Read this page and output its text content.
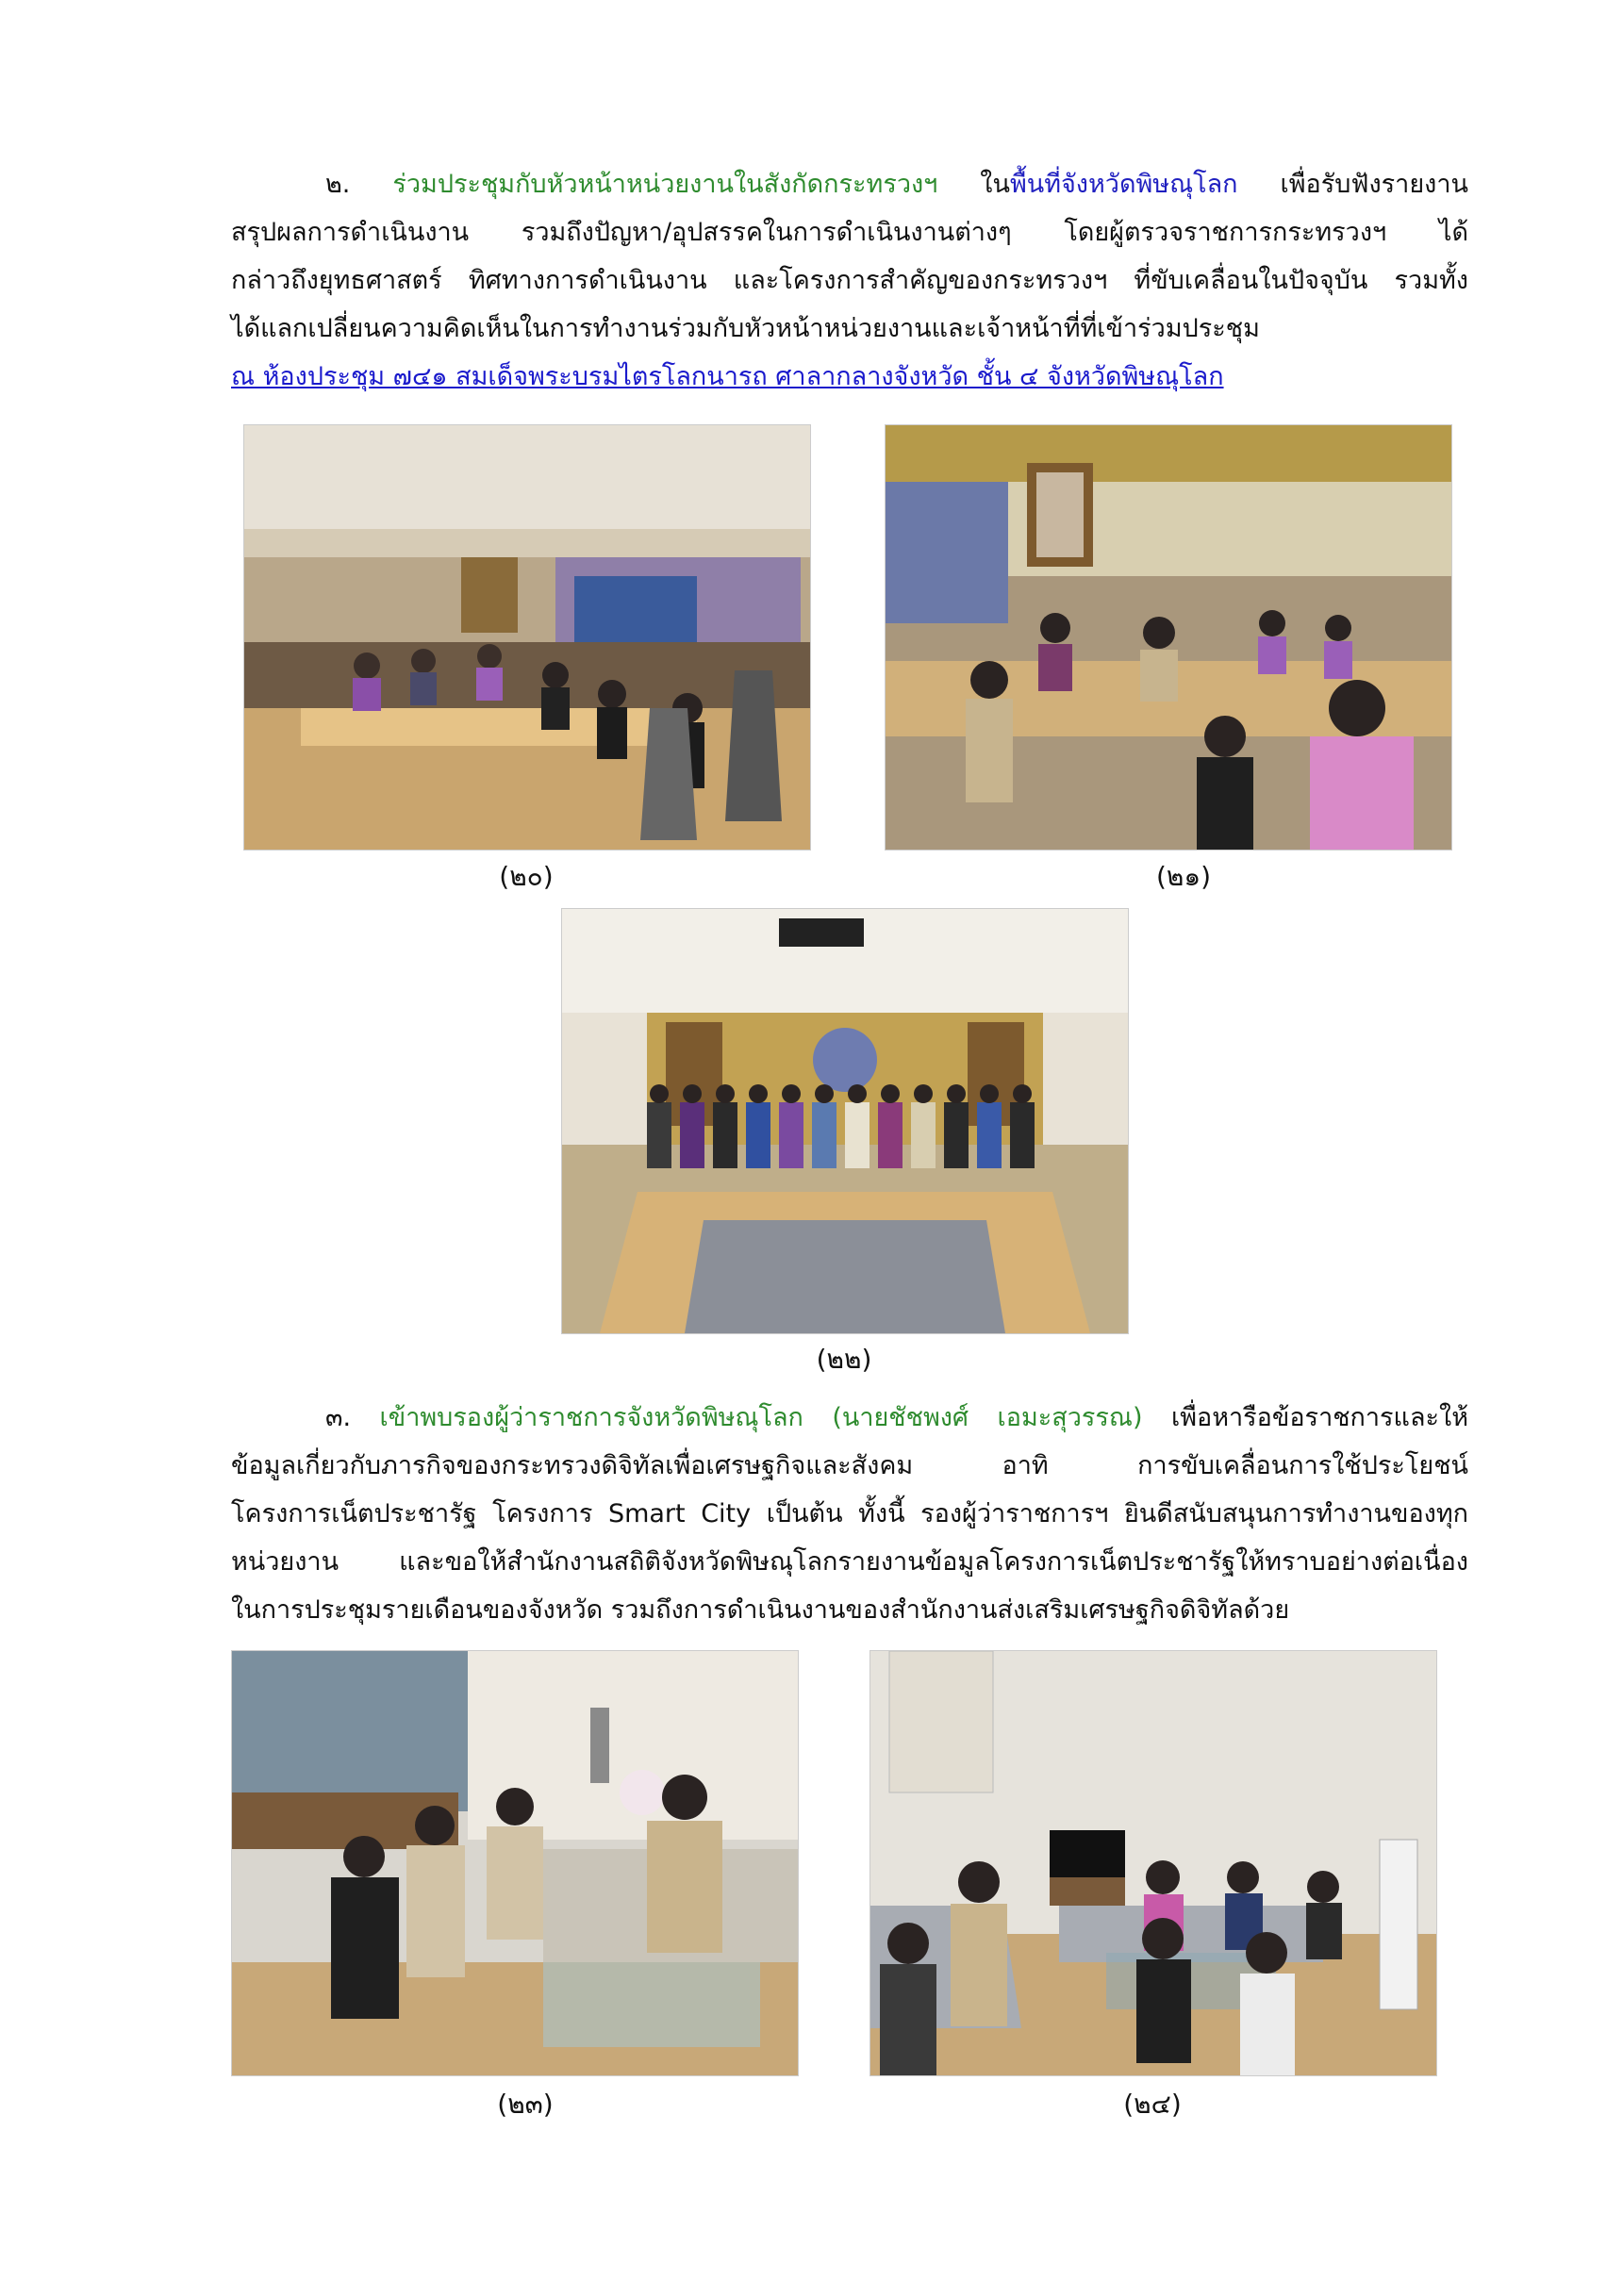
๒. ร่วมประชุมกับหัวหน้าหน่วยงานในสังกัดกระทรวงฯ ในพื้นที่จังหวัดพิษณุโลก เพื่อรับฟังรายงาน
สรุปผลการดำเนินงาน รวมถึงปัญหา/อุปสรรคในการดำเนินงานต่างๆ โดยผู้ตรวจราชการกระทรวงฯ ได้
กล่าวถึงยุทธศาสตร์ ทิศทางการดำเนินงาน และโครงการสำคัญของกระทรวงฯ ที่ขับเคลื่อนในปัจจุบัน รวมทั้ง
ได้แลกเปลี่ยนความคิดเห็นในการทำงานร่วมกับหัวหน้าหน่วยงานและเจ้าหน้าที่ที่เข้าร่วมประชุม
ณ ห้องประชุม ๗๔๑ สมเด็จพระบรมไตรโลกนารถ ศาลากลางจังหวัด ชั้น ๔ จังหวัดพิษณุโลก
(๒๐)	(๒๑)
(๒๒)
๓. เข้าพบรองผู้ว่าราชการจังหวัดพิษณุโลก (นายชัชพงศ์ เอมะสุวรรณ) เพื่อหารือข้อราชการและให้
ข้อมูลเกี่ยวกับภารกิจของกระทรวงดิจิทัลเพื่อเศรษฐกิจและสังคม อาทิ การขับเคลื่อนการใช้ประโยชน์
โครงการเน็ตประชารัฐ โครงการ Smart City เป็นต้น ทั้งนี้ รองผู้ว่าราชการฯ ยินดีสนับสนุนการทำงานของทุก
หน่วยงาน และขอให้สำนักงานสถิติจังหวัดพิษณุโลกรายงานข้อมูลโครงการเน็ตประชารัฐให้ทราบอย่างต่อเนื่อง
ในการประชุมรายเดือนของจังหวัด รวมถึงการดำเนินงานของสำนักงานส่งเสริมเศรษฐกิจดิจิทัลด้วย
(๒๓)	(๒๔)
